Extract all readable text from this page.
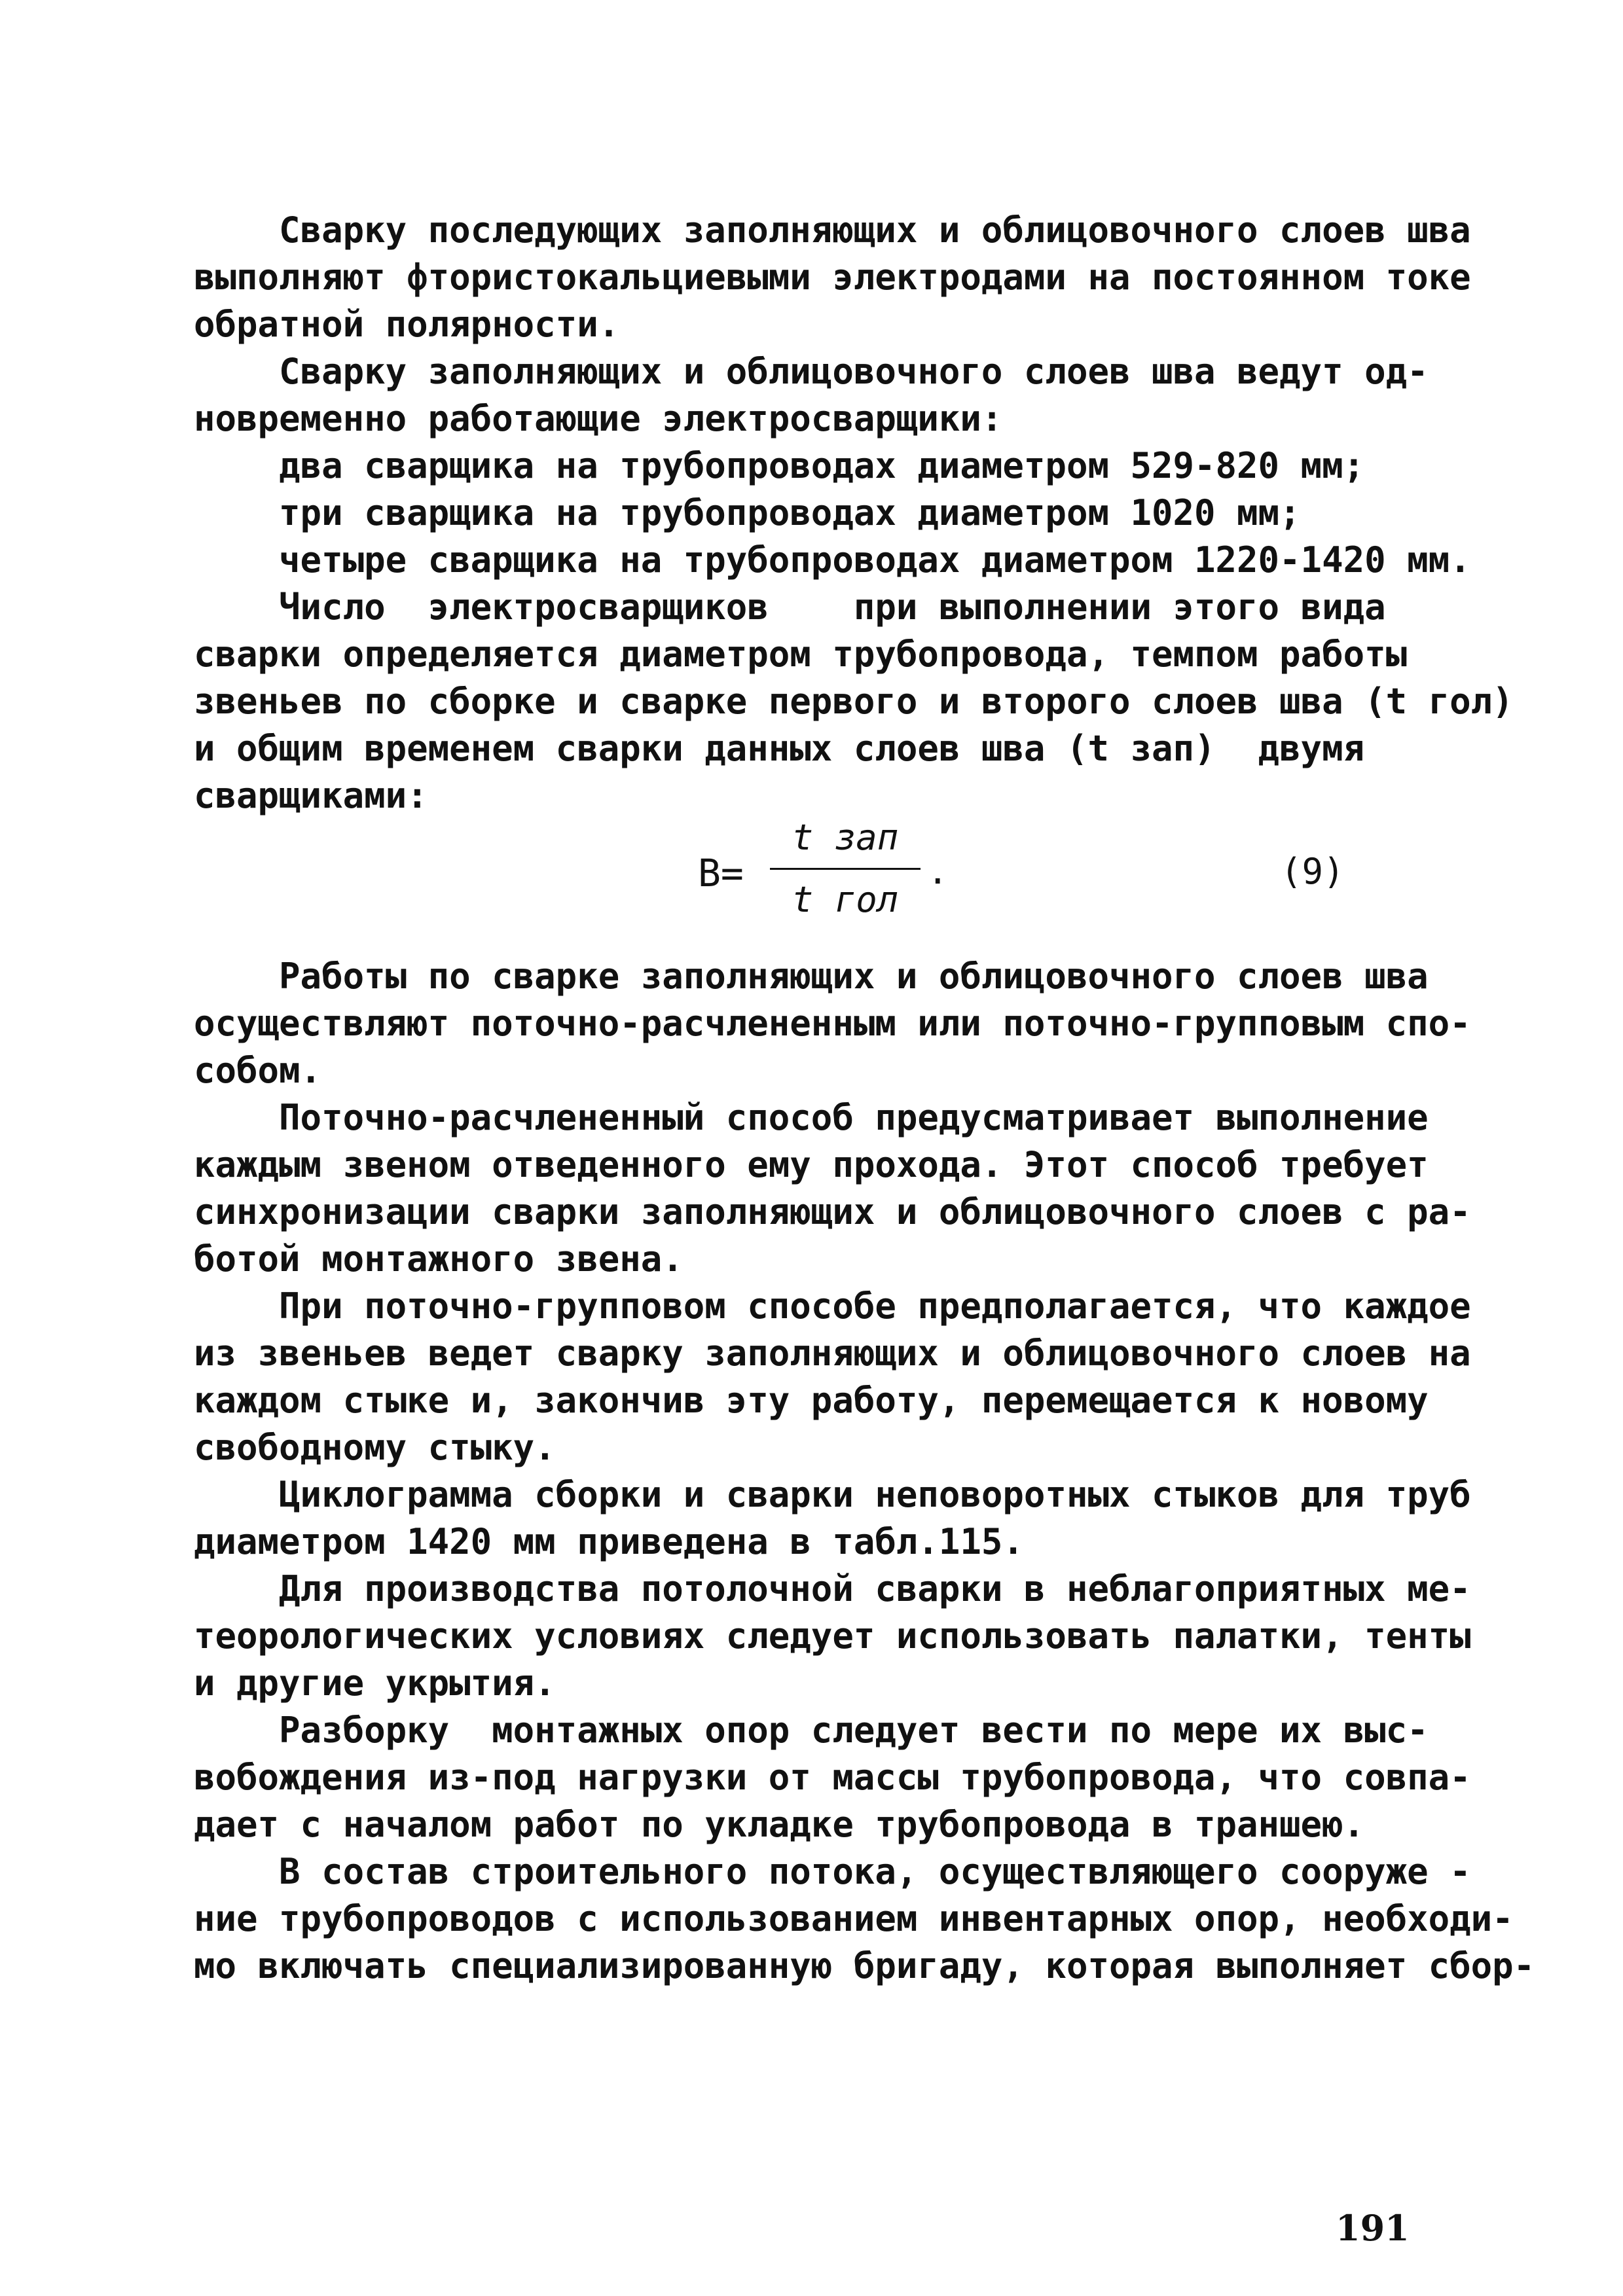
Сварку последующих заполняющих и облицовочного слоев шва
выполняют фтористокальциевыми электродами на постоянном токе
обратной полярности.
Сварку заполняющих и облицовочного слоев шва ведут од-
новременно работающие электросварщики:
два сварщика на трубопроводах диаметром 529-820 мм;
три сварщика на трубопроводах диаметром 1020 мм;
четыре сварщика на трубопроводах диаметром 1220-1420 мм.
Число  электросварщиков    при выполнении этого вида
сварки определяется диаметром трубопровода, темпом работы
звеньев по сборке и сварке первого и второго слоев шва (t гол)
и общим временем сварки данных слоев шва (t зап)  двумя
сварщиками:
B=
t зап
t гол
.	(9)
Работы по сварке заполняющих и облицовочного слоев шва
осуществляют поточно-расчлененным или поточно-групповым спо-
собом.
Поточно-расчлененный способ предусматривает выполнение
каждым звеном отведенного ему прохода. Этот способ требует
синхронизации сварки заполняющих и облицовочного слоев с ра-
ботой монтажного звена.
При поточно-групповом способе предполагается, что каждое
из звеньев ведет сварку заполняющих и облицовочного слоев на
каждом стыке и, закончив эту работу, перемещается к новому
свободному стыку.
Циклограмма сборки и сварки неповоротных стыков для труб
диаметром 1420 мм приведена в табл.115.
Для производства потолочной сварки в неблагоприятных ме-
теорологических условиях следует использовать палатки, тенты
и другие укрытия.
Разборку  монтажных опор следует вести по мере их выс-
вобождения из-под нагрузки от массы трубопровода, что совпа-
дает с началом работ по укладке трубопровода в траншею.
В состав строительного потока, осуществляющего сооруже -
ние трубопроводов с использованием инвентарных опор, необходи-
мо включать специализированную бригаду, которая выполняет сбор-
191
